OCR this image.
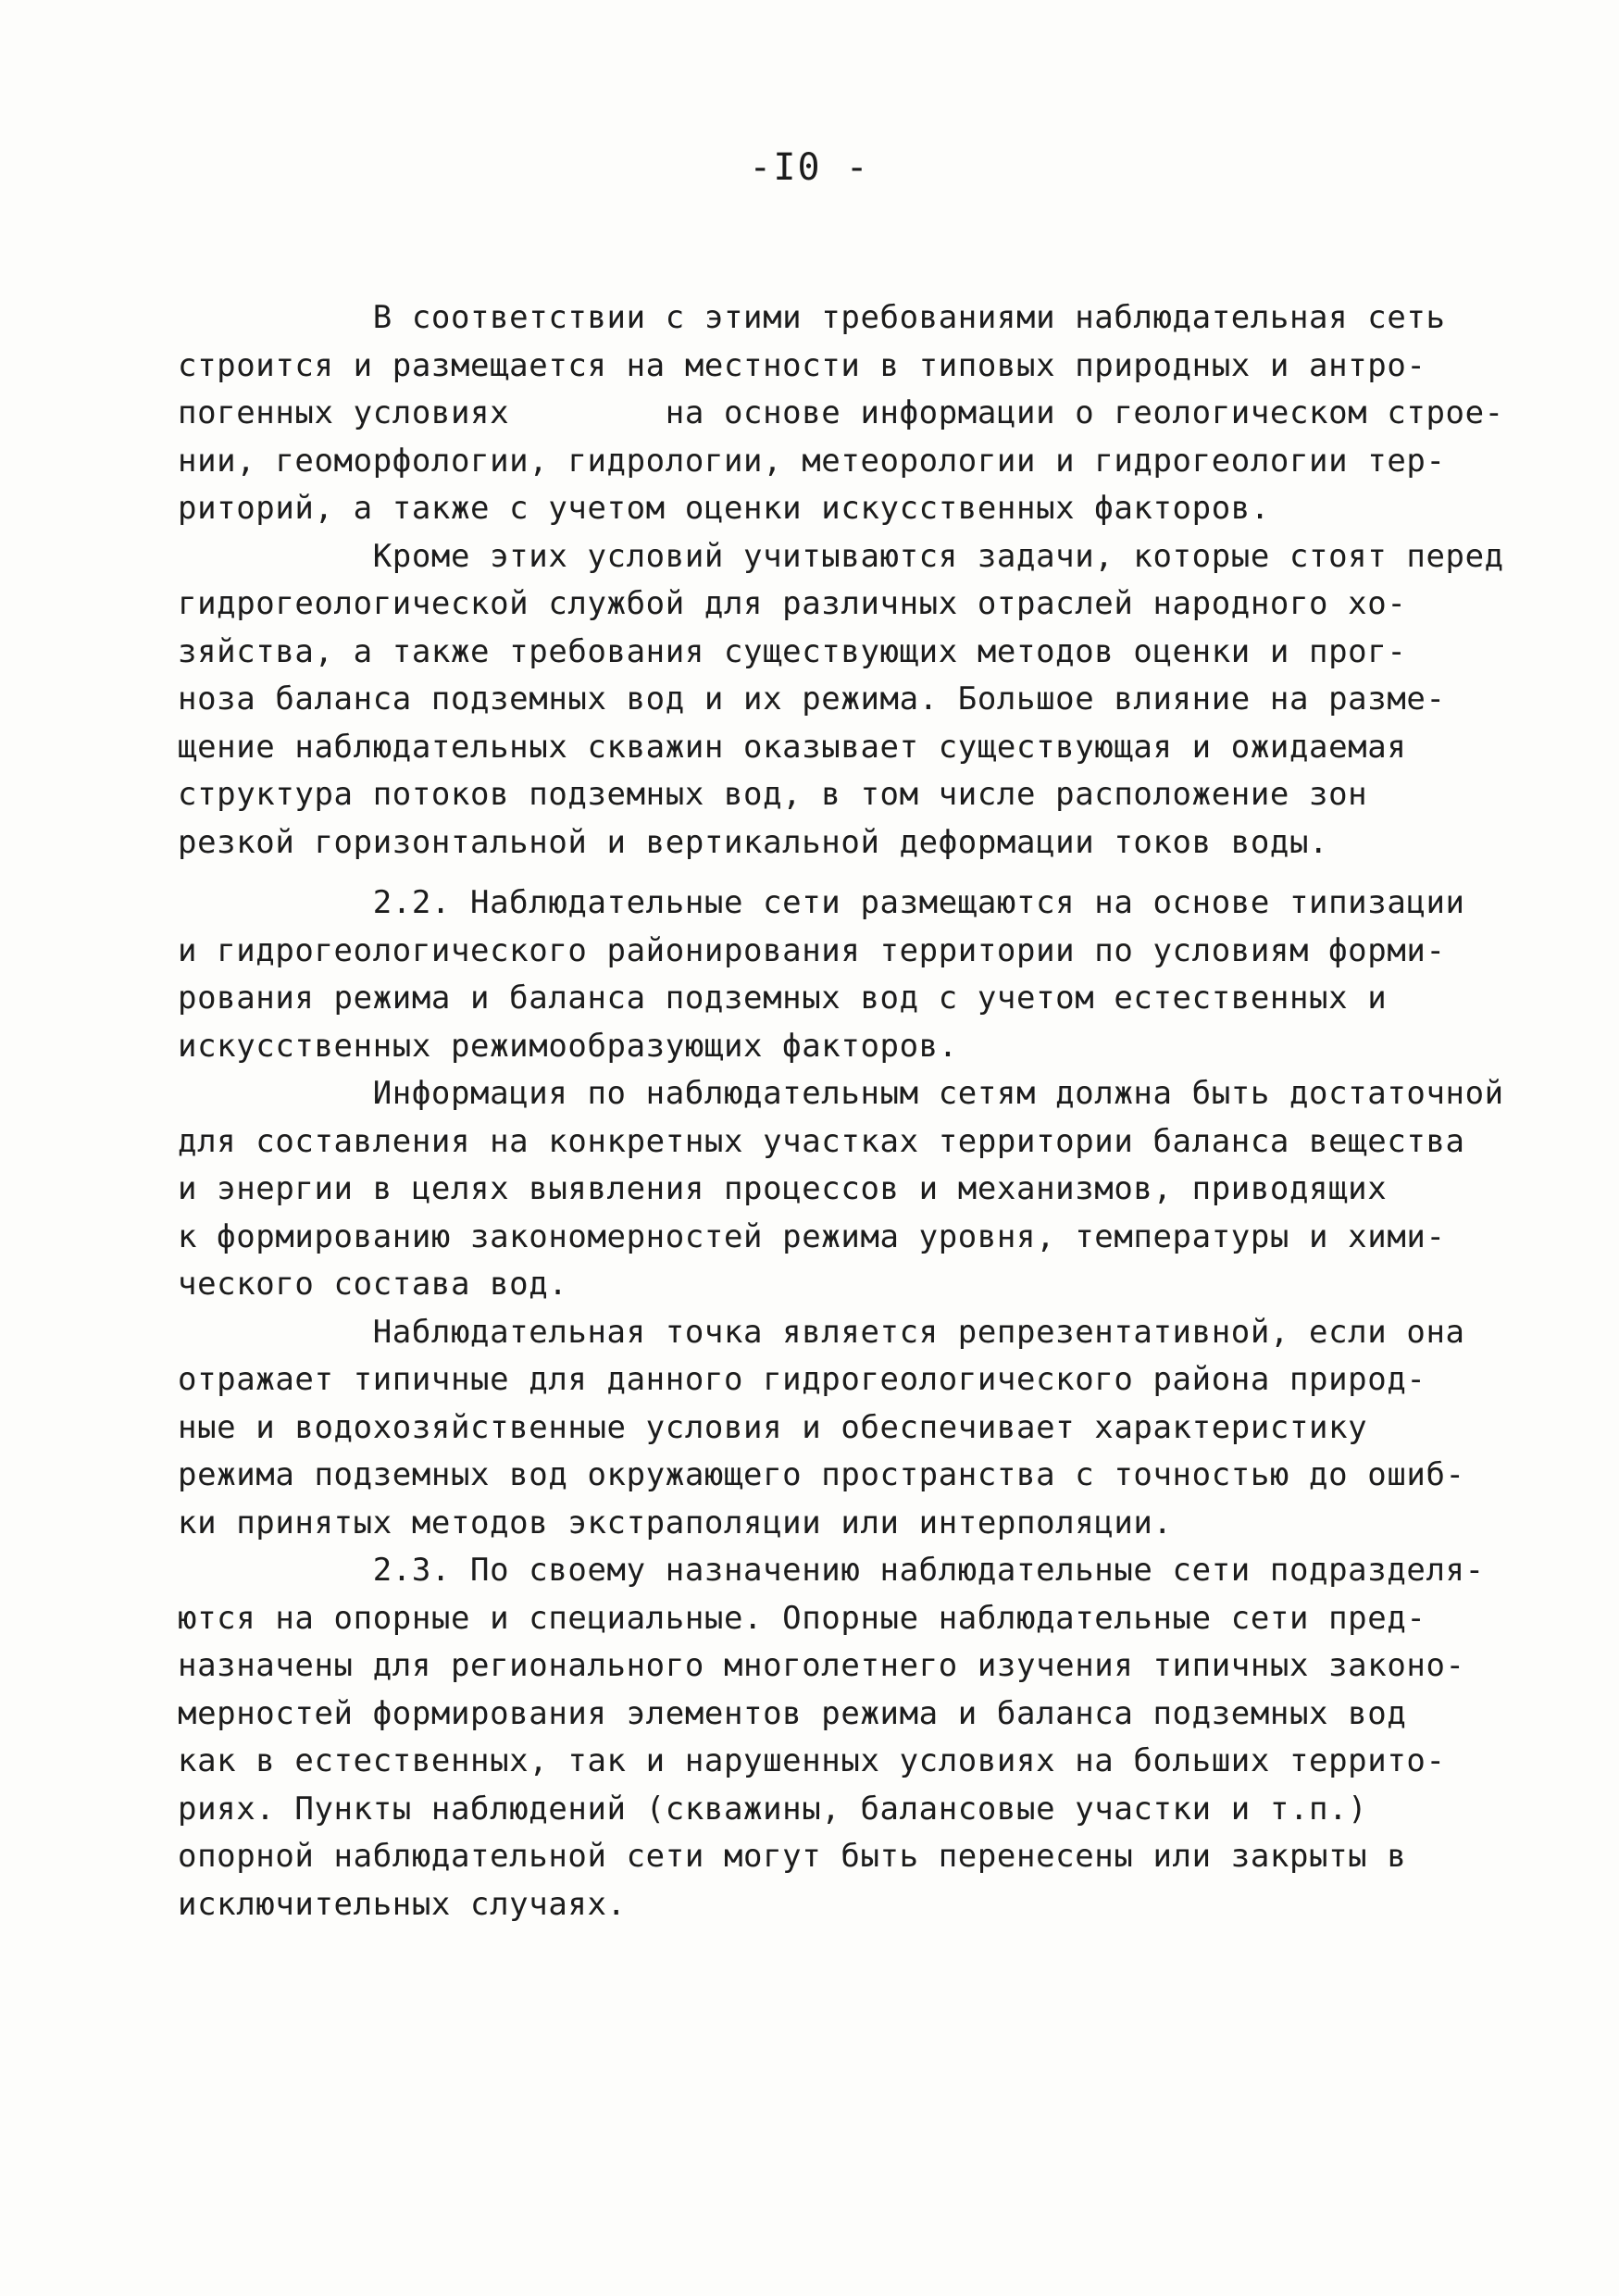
-I0 -
В соответствии с этими требованиями наблюдательная сеть
строится и размещается на местности в типовых природных и антро-
погенных условиях        на основе информации о геологическом строе-
нии, геоморфологии, гидрологии, метеорологии и гидрогеологии тер-
риторий, а также с учетом оценки искусственных факторов.
Кроме этих условий учитываются задачи, которые стоят перед
гидрогеологической службой для различных отраслей народного хо-
зяйства, а также требования существующих методов оценки и прог-
ноза баланса подземных вод и их режима. Большое влияние на разме-
щение наблюдательных скважин оказывает существующая и ожидаемая
структура потоков подземных вод, в том числе расположение зон
резкой горизонтальной и вертикальной деформации токов воды.
2.2. Наблюдательные сети размещаются на основе типизации
и гидрогеологического районирования территории по условиям форми-
рования режима и баланса подземных вод с учетом естественных и
искусственных режимообразующих факторов.
Информация по наблюдательным сетям должна быть достаточной
для составления на конкретных участках территории баланса вещества
и энергии в целях выявления процессов и механизмов, приводящих
к формированию закономерностей режима уровня, температуры и хими-
ческого состава вод.
Наблюдательная точка является репрезентативной, если она
отражает типичные для данного гидрогеологического района природ-
ные и водохозяйственные условия и обеспечивает характеристику
режима подземных вод окружающего пространства с точностью до ошиб-
ки принятых методов экстраполяции или интерполяции.
2.3. По своему назначению наблюдательные сети подразделя-
ются на опорные и специальные. Опорные наблюдательные сети пред-
назначены для регионального многолетнего изучения типичных законо-
мерностей формирования элементов режима и баланса подземных вод
как в естественных, так и нарушенных условиях на больших террито-
риях. Пункты наблюдений (скважины, балансовые участки и т.п.)
опорной наблюдательной сети могут быть перенесены или закрыты в
исключительных случаях.
